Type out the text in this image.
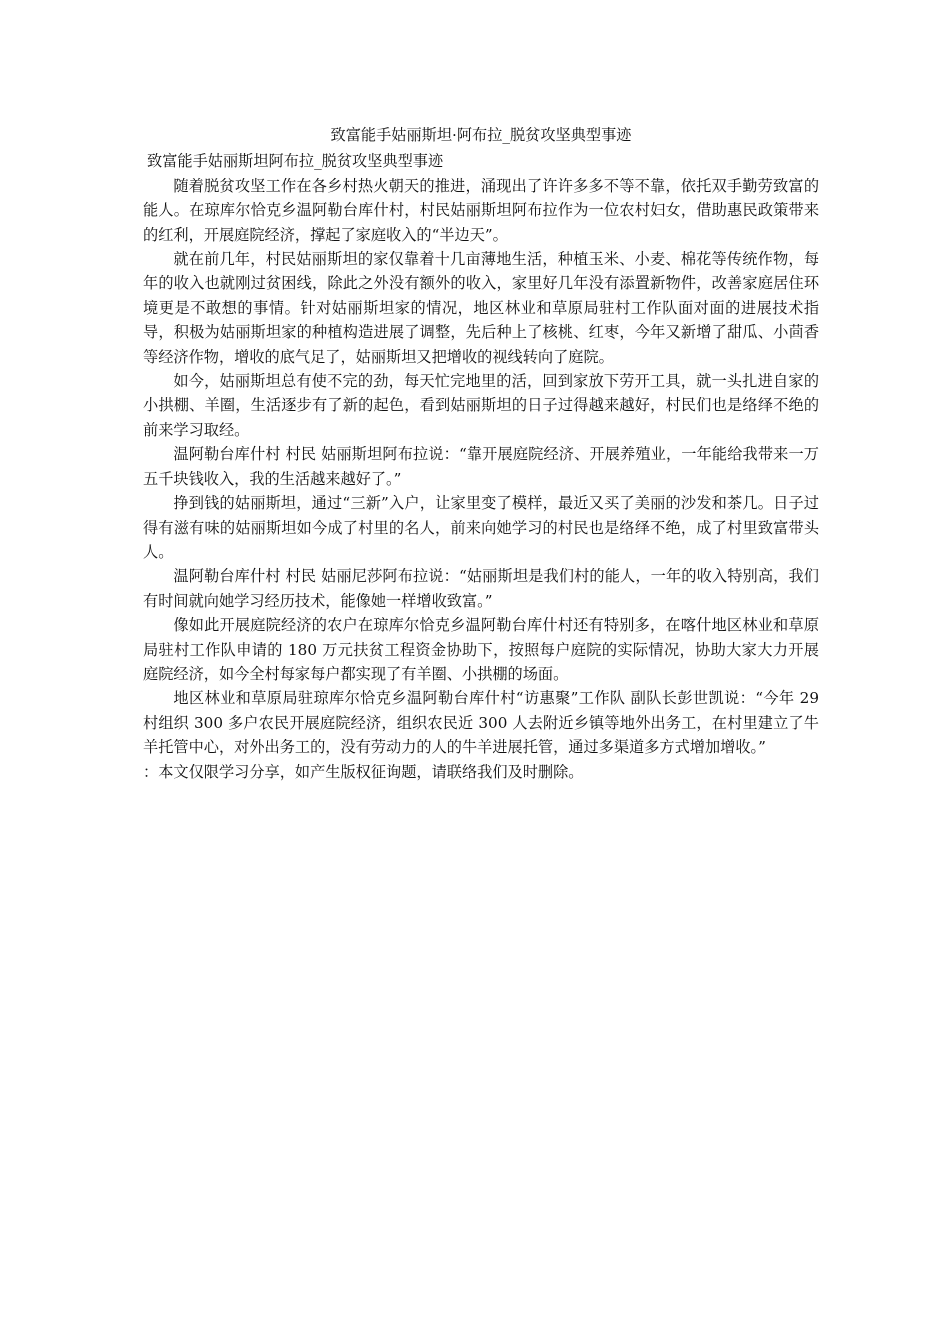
致富能手姑丽斯坦·阿布拉_脱贫攻坚典型事迹

致富能手姑丽斯坦阿布拉_脱贫攻坚典型事迹

随着脱贫攻坚工作在各乡村热火朝天的推进，涌现出了许许多多不等不靠，依托双手勤劳致富的能人。在琼库尔恰克乡温阿勒台库什村，村民姑丽斯坦阿布拉作为一位农村妇女，借助惠民政策带来的红利，开展庭院经济，撑起了家庭收入的“半边天”。

就在前几年，村民姑丽斯坦的家仅靠着十几亩薄地生活，种植玉米、小麦、棉花等传统作物，每年的收入也就刚过贫困线，除此之外没有额外的收入，家里好几年没有添置新物件，改善家庭居住环境更是不敢想的事情。针对姑丽斯坦家的情况，地区林业和草原局驻村工作队面对面的进展技术指导，积极为姑丽斯坦家的种植构造进展了调整，先后种上了核桃、红枣，今年又新增了甜瓜、小茴香等经济作物，增收的底气足了，姑丽斯坦又把增收的视线转向了庭院。

如今，姑丽斯坦总有使不完的劲，每天忙完地里的活，回到家放下劳开工具，就一头扎进自家的小拱棚、羊圈，生活逐步有了新的起色，看到姑丽斯坦的日子过得越来越好，村民们也是络绎不绝的前来学习取经。

温阿勒台库什村 村民 姑丽斯坦阿布拉说：“靠开展庭院经济、开展养殖业，一年能给我带来一万五千块钱收入，我的生活越来越好了。”

挣到钱的姑丽斯坦，通过“三新”入户，让家里变了模样，最近又买了美丽的沙发和茶几。日子过得有滋有味的姑丽斯坦如今成了村里的名人，前来向她学习的村民也是络绎不绝，成了村里致富带头人。

温阿勒台库什村 村民 姑丽尼莎阿布拉说：“姑丽斯坦是我们村的能人，一年的收入特别高，我们有时间就向她学习经历技术，能像她一样增收致富。”

像如此开展庭院经济的农户在琼库尔恰克乡温阿勒台库什村还有特别多，在喀什地区林业和草原局驻村工作队申请的 180 万元扶贫工程资金协助下，按照每户庭院的实际情况，协助大家大力开展庭院经济，如今全村每家每户都实现了有羊圈、小拱棚的场面。

地区林业和草原局驻琼库尔恰克乡温阿勒台库什村“访惠聚”工作队 副队长彭世凯说：“今年 29 村组织 300 多户农民开展庭院经济，组织农民近 300 人去附近乡镇等地外出务工，在村里建立了牛羊托管中心，对外出务工的，没有劳动力的人的牛羊进展托管，通过多渠道多方式增加增收。”

：本文仅限学习分享，如产生版权征询题，请联络我们及时删除。
